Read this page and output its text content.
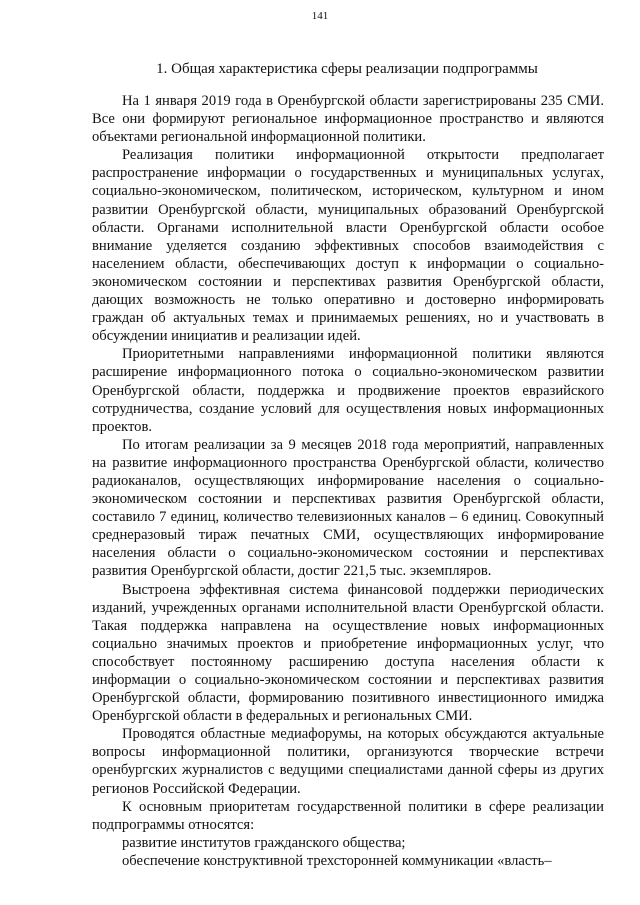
141
1. Общая характеристика сферы реализации подпрограммы

На 1 января 2019 года в Оренбургской области зарегистрированы 235 СМИ. Все они формируют региональное информационное пространство и являются объектами региональной информационной политики.

Реализация политики информационной открытости предполагает распространение информации о государственных и муниципальных услугах, социально-экономическом, политическом, историческом, культурном и ином развитии Оренбургской области, муниципальных образований Оренбургской области. Органами исполнительной власти Оренбургской области особое внимание уделяется созданию эффективных способов взаимодействия с населением области, обеспечивающих доступ к информации о социально-экономическом состоянии и перспективах развития Оренбургской области, дающих возможность не только оперативно и достоверно информировать граждан об актуальных темах и принимаемых решениях, но и участвовать в обсуждении инициатив и реализации идей.

Приоритетными направлениями информационной политики являются расширение информационного потока о социально-экономическом развитии Оренбургской области, поддержка и продвижение проектов евразийского сотрудничества, создание условий для осуществления новых информационных проектов.

По итогам реализации за 9 месяцев 2018 года мероприятий, направленных на развитие информационного пространства Оренбургской области, количество радиоканалов, осуществляющих информирование населения о социально-экономическом состоянии и перспективах развития Оренбургской области, составило 7 единиц, количество телевизионных каналов – 6 единиц. Совокупный среднеразовый тираж печатных СМИ, осуществляющих информирование населения области о социально-экономическом состоянии и перспективах развития Оренбургской области, достиг 221,5 тыс. экземпляров.

Выстроена эффективная система финансовой поддержки периодических изданий, учрежденных органами исполнительной власти Оренбургской области. Такая поддержка направлена на осуществление новых информационных социально значимых проектов и приобретение информационных услуг, что способствует постоянному расширению доступа населения области к информации о социально-экономическом состоянии и перспективах развития Оренбургской области, формированию позитивного инвестиционного имиджа Оренбургской области в федеральных и региональных СМИ.

Проводятся областные медиафорумы, на которых обсуждаются актуальные вопросы информационной политики, организуются творческие встречи оренбургских журналистов с ведущими специалистами данной сферы из других регионов Российской Федерации.

К основным приоритетам государственной политики в сфере реализации подпрограммы относятся:

развитие институтов гражданского общества;

обеспечение конструктивной трехсторонней коммуникации «власть–
